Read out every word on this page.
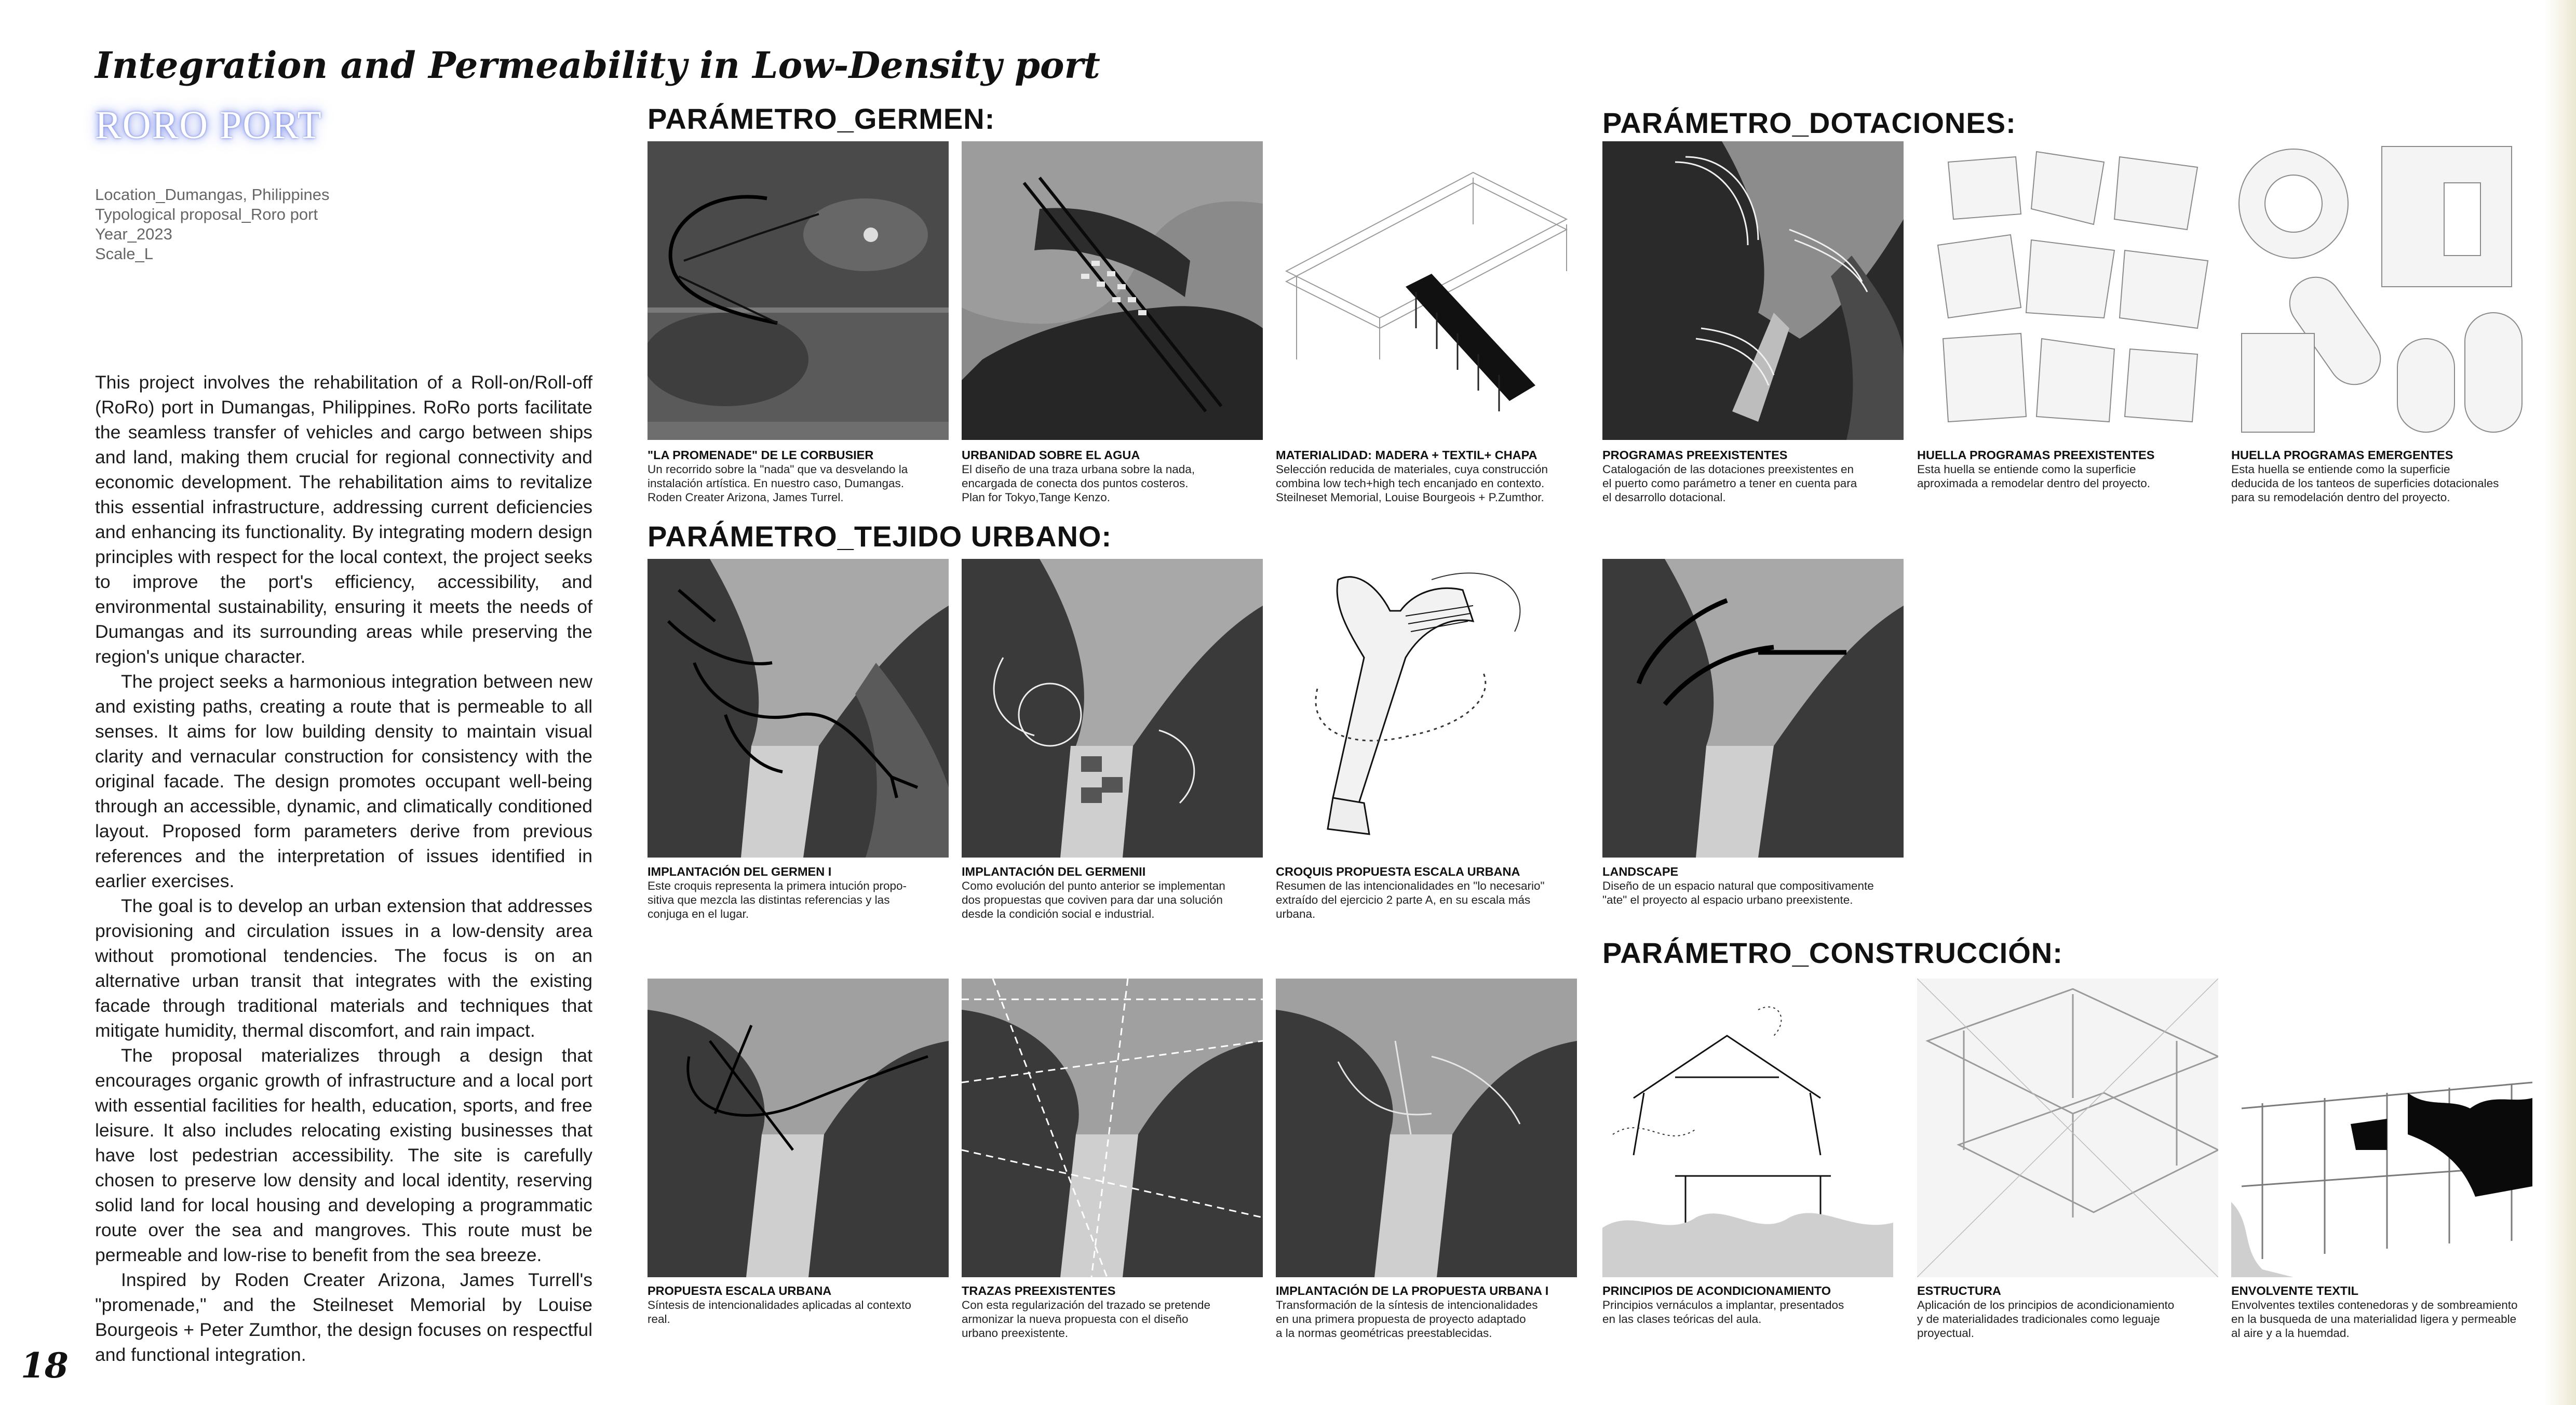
Integration and Permeability in Low-Density port
RORO PORT
Location_Dumangas, Philippines
Typological proposal_Roro port
Year_2023
Scale_L

This project involves the rehabilitation of a Roll-on/Roll-off (RoRo) port in Dumangas, Philippines. RoRo ports facilitate the seamless transfer of vehicles and cargo between ships and land, making them crucial for regional connectivity and economic development. The rehabilitation aims to revitalize this essential infrastructure, addressing current deficiencies and enhancing its functionality. By integrating modern design principles with respect for the local context, the project seeks to improve the port's efficiency, accessibility, and environmental sustainability, ensuring it meets the needs of Dumangas and its surrounding areas while preserving the region's unique character.

The project seeks a harmonious integration between new and existing paths, creating a route that is permeable to all senses. It aims for low building density to maintain visual clarity and vernacular construction for consistency with the original facade. The design promotes occupant well-being through an accessible, dynamic, and climatically conditioned layout. Proposed form parameters derive from previous references and the interpretation of issues identified in earlier exercises.

The goal is to develop an urban extension that addresses provisioning and circulation issues in a low-density area without promotional tendencies. The focus is on an alternative urban transit that integrates with the existing facade through traditional materials and techniques that mitigate humidity, thermal discomfort, and rain impact.

The proposal materializes through a design that encourages organic growth of infrastructure and a local port with essential facilities for health, education, sports, and free leisure. It also includes relocating existing businesses that have lost pedestrian accessibility. The site is carefully chosen to preserve low density and local identity, reserving solid land for local housing and developing a programmatic route over the sea and mangroves. This route must be permeable and low-rise to benefit from the sea breeze.

Inspired by Roden Creater Arizona, James Turrell's "promenade," and the Steilneset Memorial by Louise Bourgeois + Peter Zumthor, the design focuses on respectful and functional integration.

18
PARÁMETRO_GERMEN:	PARÁMETRO_DOTACIONES:
PARÁMETRO_TEJIDO URBANO:
PARÁMETRO_CONSTRUCCIÓN:
"LA PROMENADE" DE LE CORBUSIER
Un recorrido sobre la "nada" que va desvelando la
instalación artística. En nuestro caso, Dumangas.
Roden Creater Arizona, James Turrel.
URBANIDAD SOBRE EL AGUA
El diseño de una traza urbana sobre la nada,
encargada de conecta dos puntos costeros.
Plan for Tokyo,Tange Kenzo.
MATERIALIDAD: MADERA + TEXTIL+ CHAPA
Selección reducida de materiales, cuya construcción
combina low tech+high tech encanjado en contexto.
Steilneset Memorial, Louise Bourgeois + P.Zumthor.
PROGRAMAS PREEXISTENTES
Catalogación de las dotaciones preexistentes en
el puerto como parámetro a tener en cuenta para
el desarrollo dotacional.
HUELLA PROGRAMAS PREEXISTENTES
Esta huella se entiende como la superficie
aproximada a remodelar dentro del proyecto.
HUELLA PROGRAMAS EMERGENTES
Esta huella se entiende como la superficie
deducida de los tanteos de superficies dotacionales
para su remodelación dentro del proyecto.
IMPLANTACIÓN DEL GERMEN I
Este croquis representa la primera intución propo-
sitiva que mezcla las distintas referencias y las
conjuga en el lugar.
IMPLANTACIÓN DEL GERMENII
Como evolución del punto anterior se implementan
dos propuestas que coviven para dar una solución
desde la condición social e industrial.
CROQUIS PROPUESTA ESCALA URBANA
Resumen de las intencionalidades en "lo necesario"
extraído del ejercicio 2 parte A, en su escala más
urbana.
LANDSCAPE
Diseño de un espacio natural que compositivamente
"ate" el proyecto al espacio urbano preexistente.
PROPUESTA ESCALA URBANA
Síntesis de intencionalidades aplicadas al contexto
real.
TRAZAS PREEXISTENTES
Con esta regularización del trazado se pretende
armonizar la nueva propuesta con el diseño
urbano preexistente.
IMPLANTACIÓN DE LA PROPUESTA URBANA I
Transformación de la síntesis de intencionalidades
en una primera propuesta de proyecto adaptado
a la normas geométricas preestablecidas.
PRINCIPIOS DE ACONDICIONAMIENTO
Principios vernáculos a implantar, presentados
en las clases teóricas del aula.
ESTRUCTURA
Aplicación de los principios de acondicionamiento
y de materialidades tradicionales como leguaje
proyectual.
ENVOLVENTE TEXTIL
Envolventes textiles contenedoras y de sombreamiento
en la busqueda de una materialidad ligera y permeable
al aire y a la huemdad.
